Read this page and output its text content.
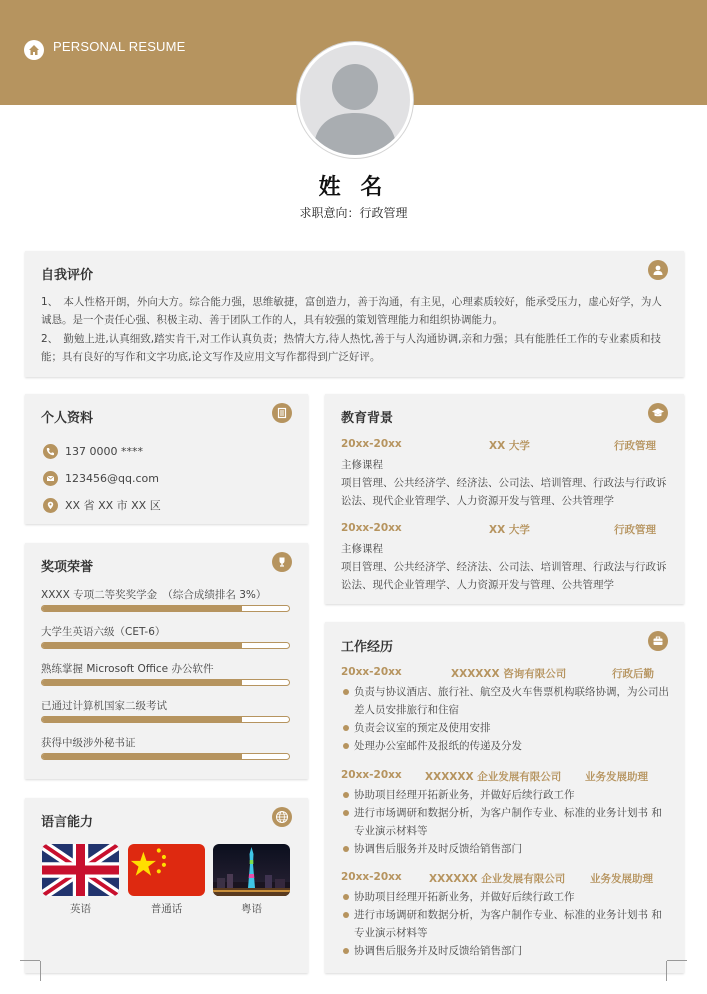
PERSONAL RESUME
姓 名
求职意向：行政管理
自我评价
1、　本人性格开朗，外向大方。综合能力强，思维敏捷，富创造力，善于沟通，有主见，心理素质较好，能承受压力，虚心好学，为人诚恳。是一个责任心强、积极主动、善于团队工作的人，具有较强的策划管理能力和组织协调能力。
2、　勤勉上进,认真细致,踏实肯干,对工作认真负责；热情大方,待人热忱,善于与人沟通协调,亲和力强；具有能胜任工作的专业素质和技能；具有良好的写作和文字功底,论文写作及应用文写作都得到广泛好评。
个人资料
137 0000 ****
123456@qq.com
XX 省 XX 市 XX 区
奖项荣誉
XXXX 专项二等奖奖学金　（综合成绩排名 3%）
大学生英语六级（CET-6）
熟练掌握 Microsoft Office 办公软件
已通过计算机国家二级考试
获得中级涉外秘书证
语言能力
英语	普通话	粤语
教育背景
20xx-20xx	XX 大学	行政管理
主修课程
项目管理、公共经济学、经济法、公司法、培训管理、行政法与行政诉讼法、现代企业管理学、人力资源开发与管理、公共管理学
20xx-20xx	XX 大学	行政管理
主修课程
项目管理、公共经济学、经济法、公司法、培训管理、行政法与行政诉讼法、现代企业管理学、人力资源开发与管理、公共管理学
工作经历
20xx-20xx	XXXXXX 咨询有限公司	行政后勤
负责与协议酒店、旅行社、航空及火车售票机构联络协调，为公司出差人员安排旅行和住宿
负责会议室的预定及使用安排
处理办公室邮件及报纸的传递及分发
20xx-20xx XXXXXX 企业发展有限公司 业务发展助理
协助项目经理开拓新业务，并做好后续行政工作
进行市场调研和数据分析，为客户制作专业、标准的业务计划书 和专业演示材料等
协调售后服务并及时反馈给销售部门
20xx-20xx	XXXXXX 企业发展有限公司 业务发展助理
协助项目经理开拓新业务，并做好后续行政工作
进行市场调研和数据分析，为客户制作专业、标准的业务计划书 和专业演示材料等
协调售后服务并及时反馈给销售部门
